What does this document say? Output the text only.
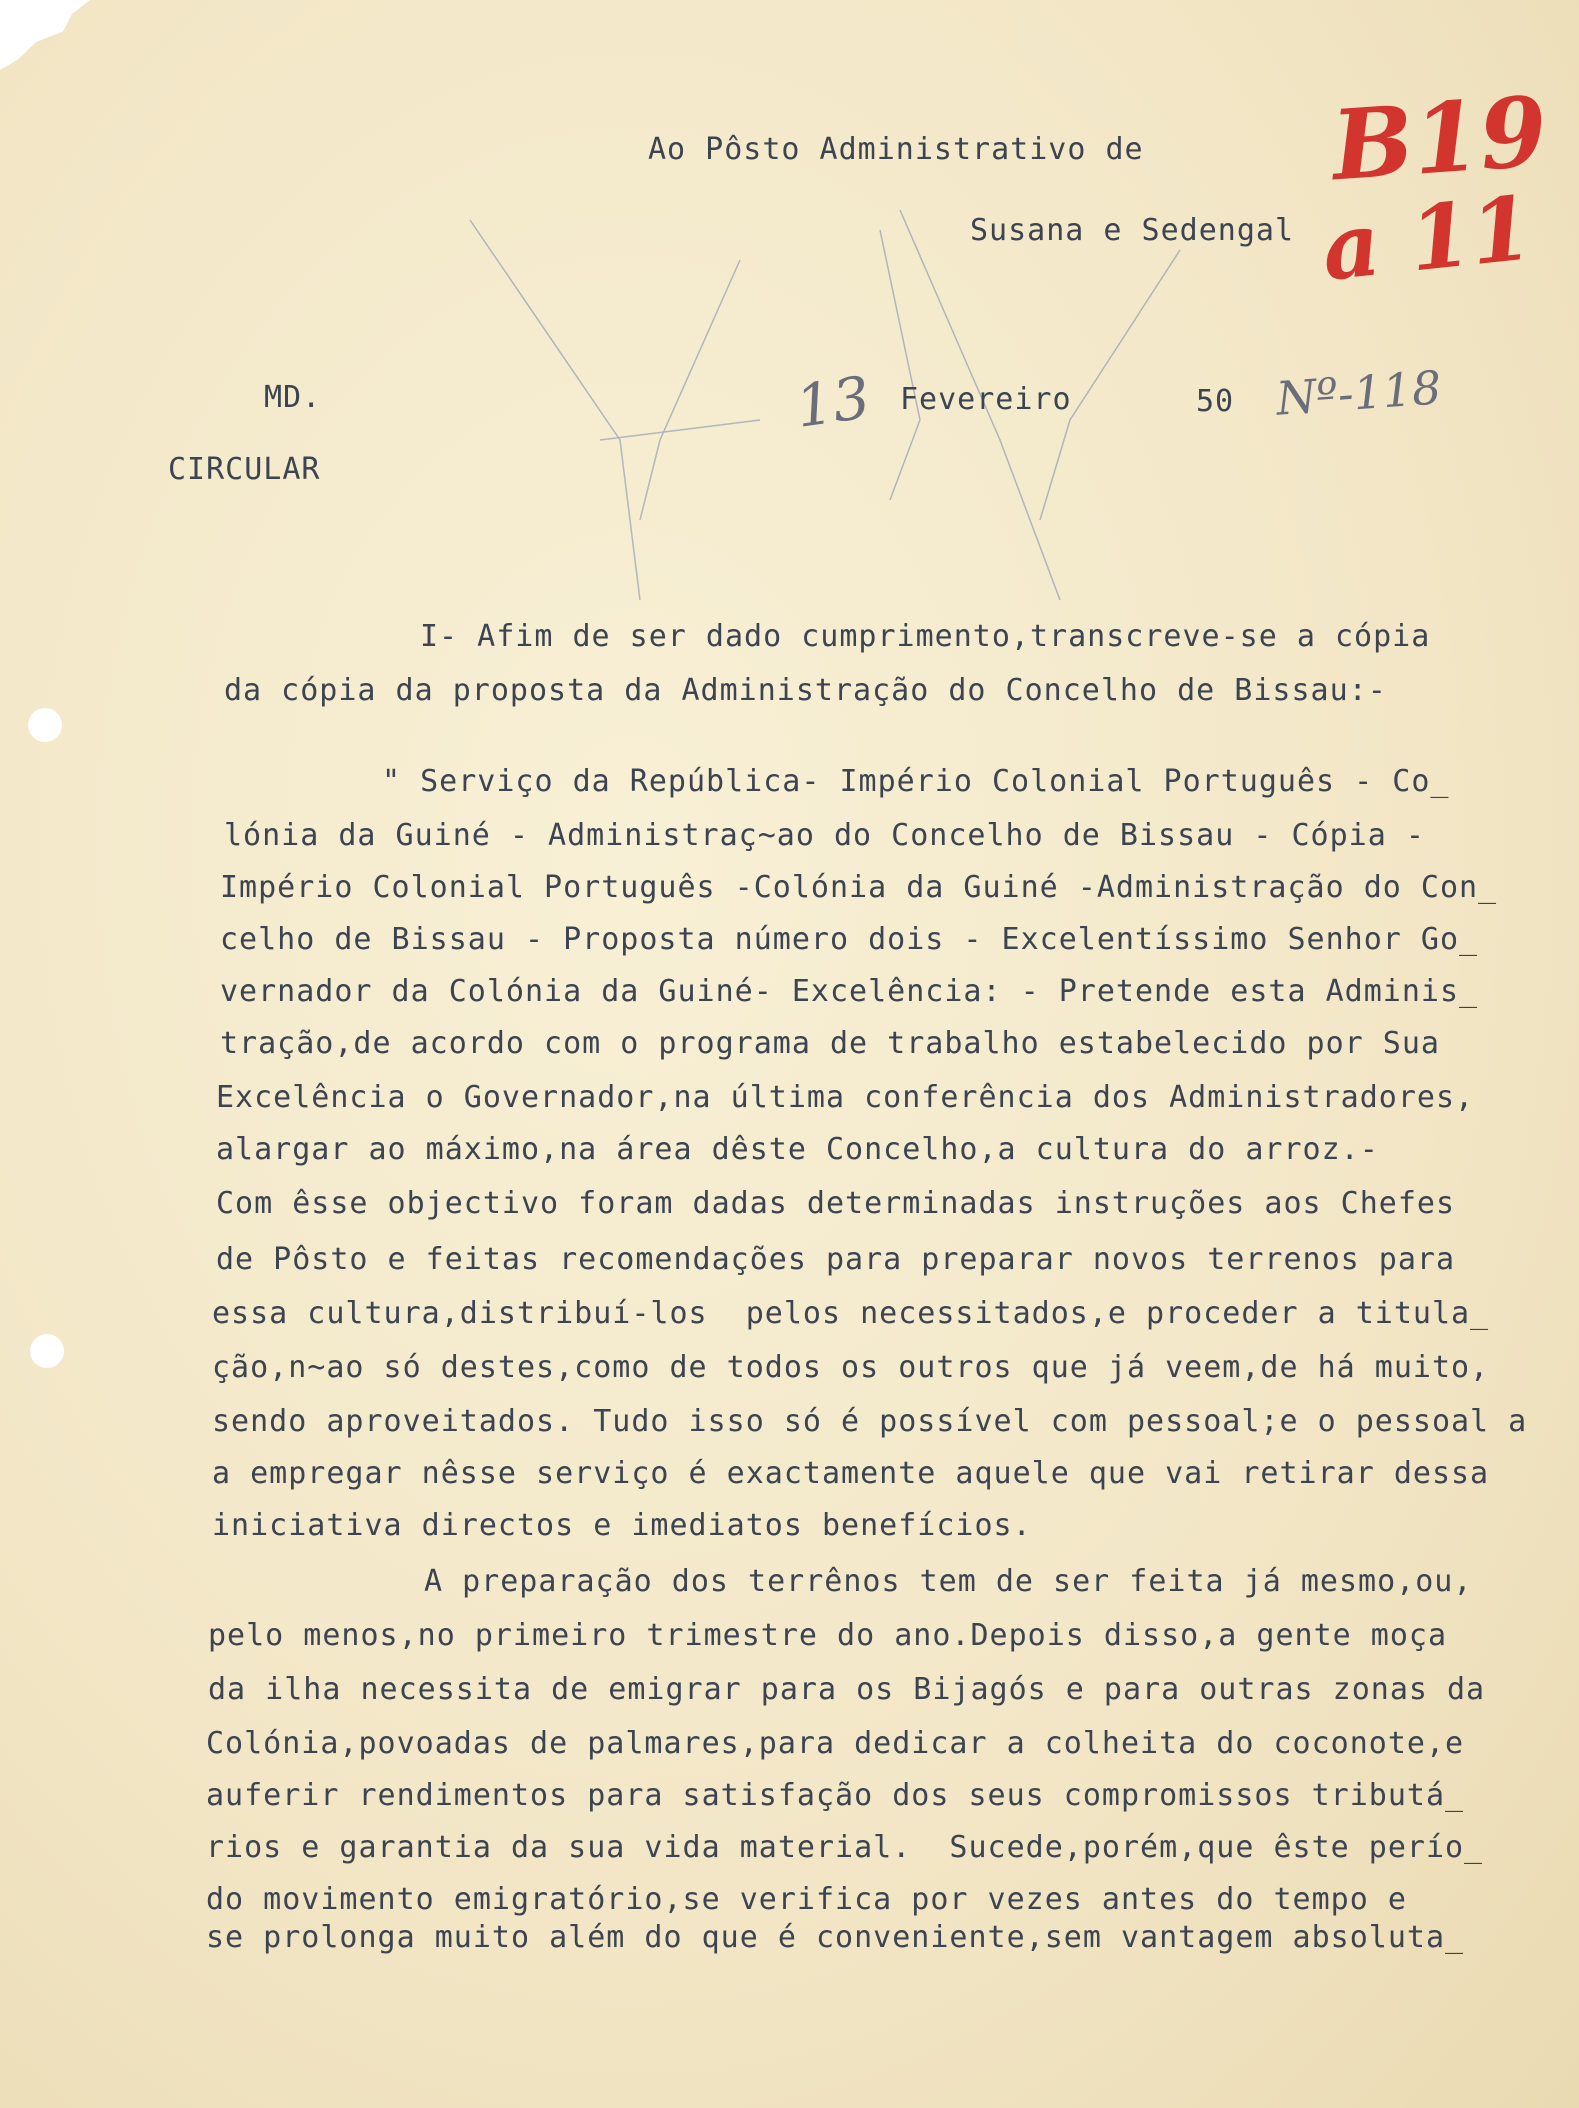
Ao Pôsto Administrativo de
Susana e Sedengal
B19
a 11
MD.	13 Fevereiro	50 Nº-118
CIRCULAR
I- Afim de ser dado cumprimento,transcreve-se a cópia
da cópia da proposta da Administração do Concelho de Bissau:-
" Serviço da República- Império Colonial Português - Co_
lónia da Guiné - Administraç~ao do Concelho de Bissau - Cópia -
Império Colonial Português -Colónia da Guiné -Administração do Con_
celho de Bissau - Proposta número dois - Excelentíssimo Senhor Go_
vernador da Colónia da Guiné- Excelência: - Pretende esta Adminis_
tração,de acordo com o programa de trabalho estabelecido por Sua
Excelência o Governador,na última conferência dos Administradores,
alargar ao máximo,na área dêste Concelho,a cultura do arroz.-
Com êsse objectivo foram dadas determinadas instruções aos Chefes
de Pôsto e feitas recomendações para preparar novos terrenos para
essa cultura,distribuí-los  pelos necessitados,e proceder a titula_
ção,n~ao só destes,como de todos os outros que já veem,de há muito,
sendo aproveitados. Tudo isso só é possível com pessoal;e o pessoal a
a empregar nêsse serviço é exactamente aquele que vai retirar dessa
iniciativa directos e imediatos benefícios.
A preparação dos terrênos tem de ser feita já mesmo,ou,
pelo menos,no primeiro trimestre do ano.Depois disso,a gente moça
da ilha necessita de emigrar para os Bijagós e para outras zonas da
Colónia,povoadas de palmares,para dedicar a colheita do coconote,e
auferir rendimentos para satisfação dos seus compromissos tributá_
rios e garantia da sua vida material.  Sucede,porém,que êste perío_
do movimento emigratório,se verifica por vezes antes do tempo e
se prolonga muito além do que é conveniente,sem vantagem absoluta_
